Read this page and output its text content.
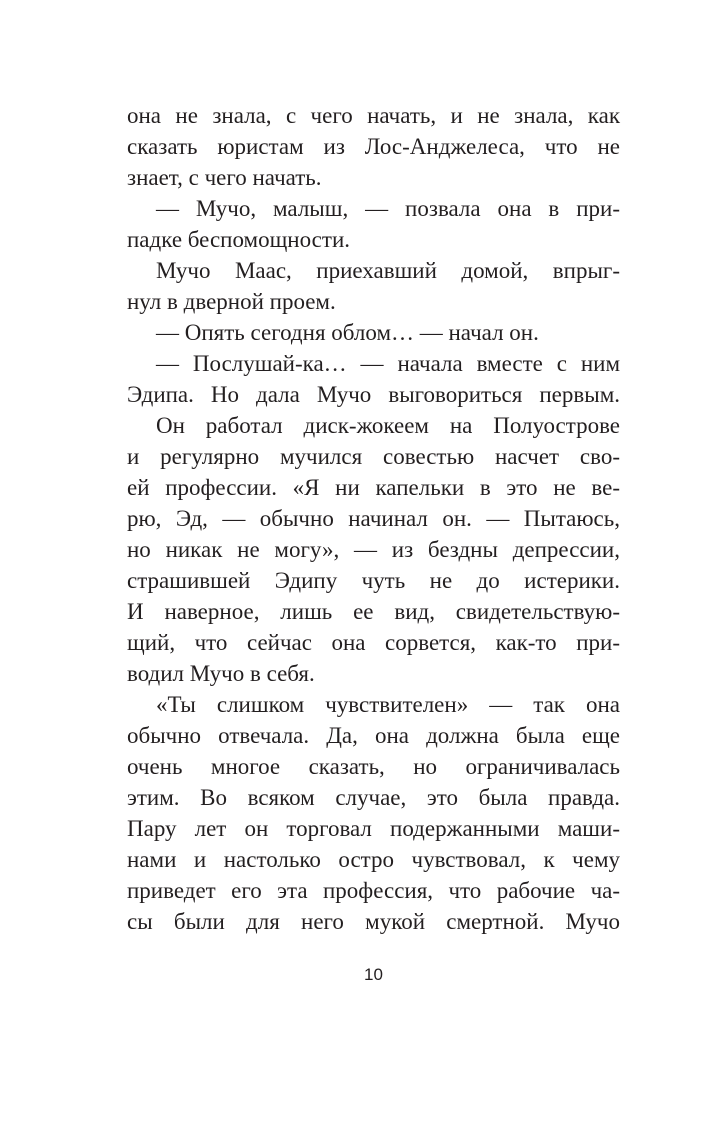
она не знала, с чего начать, и не знала, как
сказать юристам из Лос-Анджелеса, что не
знает, с чего начать.
— Мучо, малыш, — позвала она в при-
падке беспомощности.
Мучо Маас, приехавший домой, впрыг-
нул в дверной проем.
— Опять сегодня облом… — начал он.
— Послушай-ка… — начала вместе с ним
Эдипа. Но дала Мучо выговориться первым.
Он работал диск-жокеем на Полуострове
и регулярно мучился совестью насчет сво-
ей профессии. «Я ни капельки в это не ве-
рю, Эд, — обычно начинал он. — Пытаюсь,
но никак не могу», — из бездны депрессии,
страшившей Эдипу чуть не до истерики.
И наверное, лишь ее вид, свидетельствую-
щий, что сейчас она сорвется, как-то при-
водил Мучо в себя.
«Ты слишком чувствителен» — так она
обычно отвечала. Да, она должна была еще
очень многое сказать, но ограничивалась
этим. Во всяком случае, это была правда.
Пару лет он торговал подержанными маши-
нами и настолько остро чувствовал, к чему
приведет его эта профессия, что рабочие ча-
сы были для него мукой смертной. Мучо
10
